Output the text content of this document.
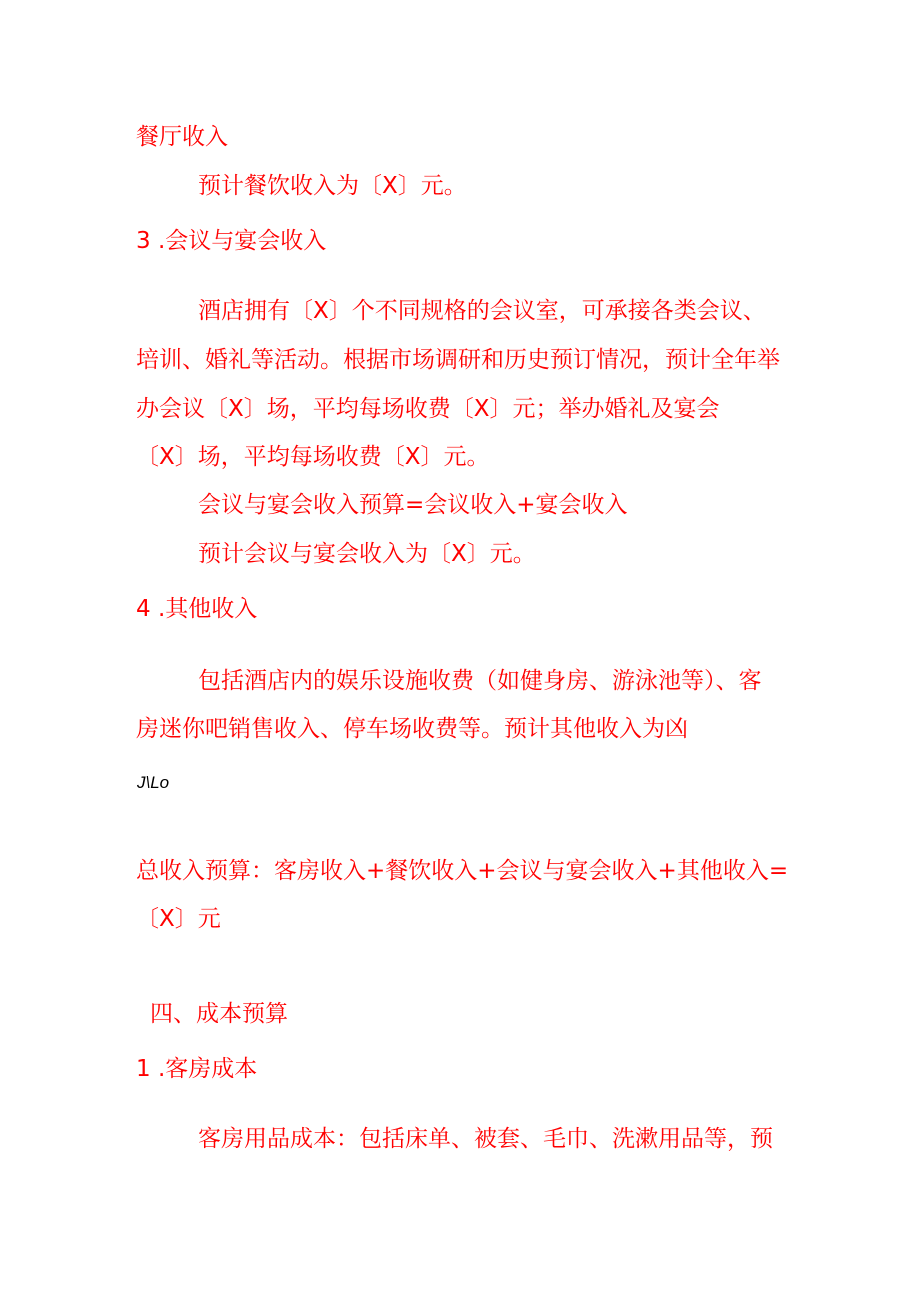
餐厅收入
预计餐饮收入为〔X〕元。
3 .会议与宴会收入
酒店拥有〔X〕个不同规格的会议室，可承接各类会议、
培训、婚礼等活动。根据市场调研和历史预订情况，预计全年举
办会议〔X〕场，平均每场收费〔X〕元；举办婚礼及宴会
〔X〕场，平均每场收费〔X〕元。
会议与宴会收入预算=会议收入+宴会收入
预计会议与宴会收入为〔X〕元。
4 .其他收入
包括酒店内的娱乐设施收费（如健身房、游泳池等）、客
房迷你吧销售收入、停车场收费等。预计其他收入为凶
J\Lo
总收入预算：客房收入+餐饮收入+会议与宴会收入+其他收入=
〔X〕元
四、成本预算
1 .客房成本
客房用品成本：包括床单、被套、毛巾、洗漱用品等，预
